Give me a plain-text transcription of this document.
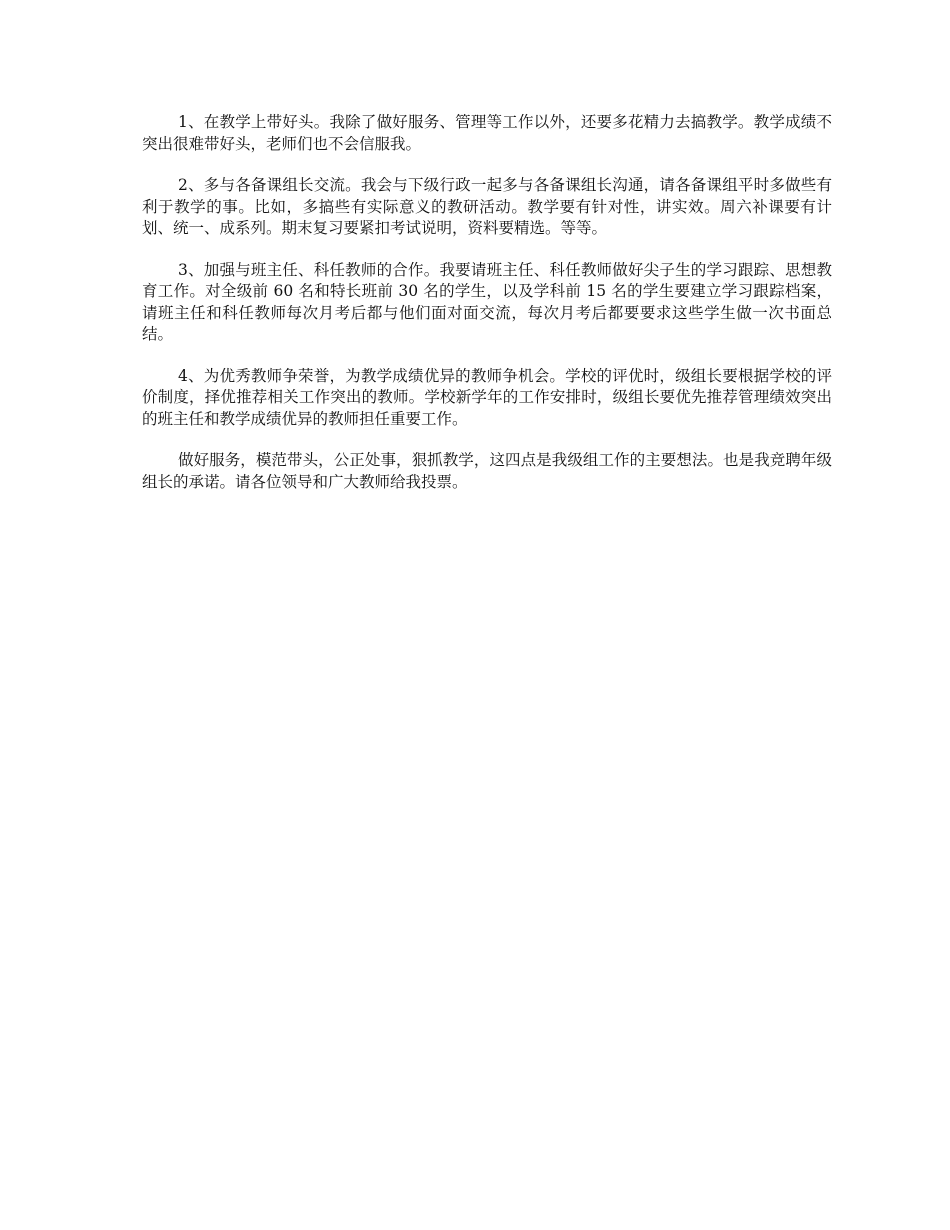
1、在教学上带好头。我除了做好服务、管理等工作以外，还要多花精力去搞教学。教学成绩不突出很难带好头，老师们也不会信服我。

2、多与各备课组长交流。我会与下级行政一起多与各备课组长沟通，请各备课组平时多做些有利于教学的事。比如，多搞些有实际意义的教研活动。教学要有针对性，讲实效。周六补课要有计划、统一、成系列。期末复习要紧扣考试说明，资料要精选。等等。

3、加强与班主任、科任教师的合作。我要请班主任、科任教师做好尖子生的学习跟踪、思想教育工作。对全级前 60 名和特长班前 30 名的学生，以及学科前 15 名的学生要建立学习跟踪档案，请班主任和科任教师每次月考后都与他们面对面交流，每次月考后都要要求这些学生做一次书面总结。

4、为优秀教师争荣誉，为教学成绩优异的教师争机会。学校的评优时，级组长要根据学校的评价制度，择优推荐相关工作突出的教师。学校新学年的工作安排时，级组长要优先推荐管理绩效突出的班主任和教学成绩优异的教师担任重要工作。

做好服务，模范带头，公正处事，狠抓教学，这四点是我级组工作的主要想法。也是我竞聘年级组长的承诺。请各位领导和广大教师给我投票。
